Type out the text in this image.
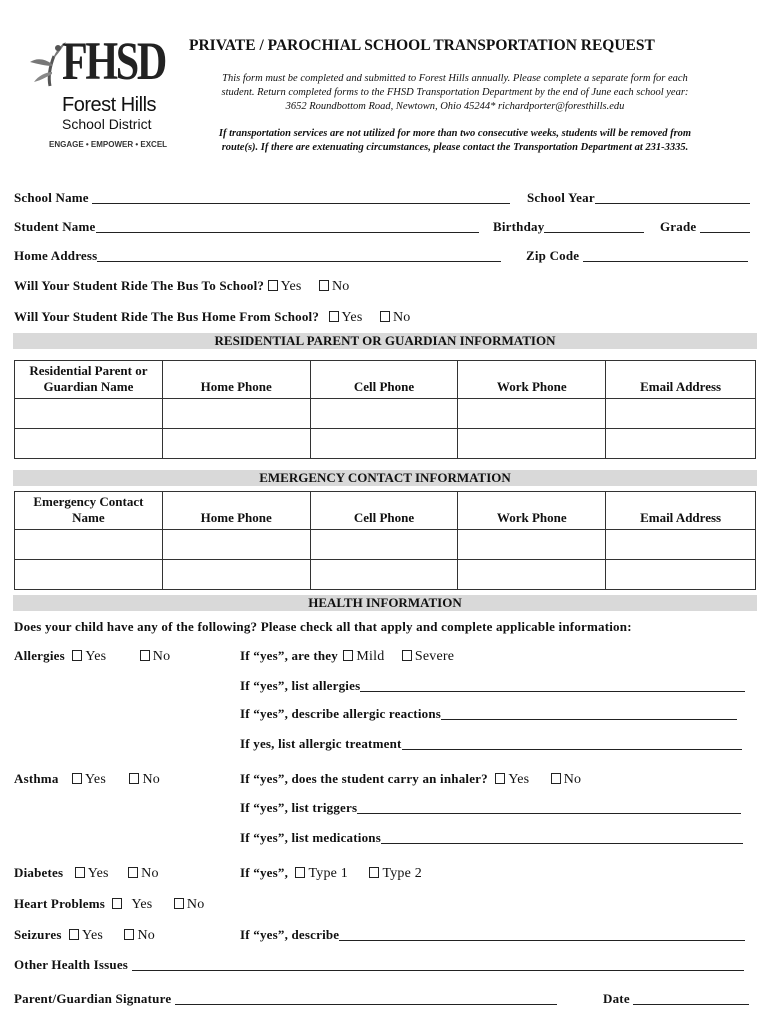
FHSD
Forest Hills
School District
ENGAGE • EMPOWER • EXCEL
PRIVATE / PAROCHIAL SCHOOL TRANSPORTATION REQUEST
This form must be completed and submitted to Forest Hills annually. Please complete a separate form for each
student. Return completed forms to the FHSD Transportation Department by the end of June each school year:
3652 Roundbottom Road, Newtown, Ohio 45244* richardporter@foresthills.edu
If transportation services are not utilized for more than two consecutive weeks, students will be removed from
route(s). If there are extenuating circumstances, please contact the Transportation Department at 231-3335.
School Name	School Year
Student Name	Birthday	Grade
Home Address	Zip Code
Will Your Student Ride The Bus To School? Yes No
Will Your Student Ride The Bus Home From School? Yes No
RESIDENTIAL PARENT OR GUARDIAN INFORMATION
Residential Parent or
Guardian Name	Home Phone	Cell Phone	Work Phone	Email Address

EMERGENCY CONTACT INFORMATION
Emergency Contact
Name	Home Phone	Cell Phone	Work Phone	Email Address

HEALTH INFORMATION
Does your child have any of the following? Please check all that apply and complete applicable information:
Allergies Yes	No	If “yes”, are they Mild Severe
If “yes”, list allergies
If “yes”, describe allergic reactions
If yes, list allergic treatment
Asthma Yes	No	If “yes”, does the student carry an inhaler? Yes No
If “yes”, list triggers
If “yes”, list medications
Diabetes Yes No	If “yes”, Type 1 Type 2
Heart Problems Yes No
Seizures Yes No	If “yes”, describe
Other Health Issues
Parent/Guardian Signature	Date
